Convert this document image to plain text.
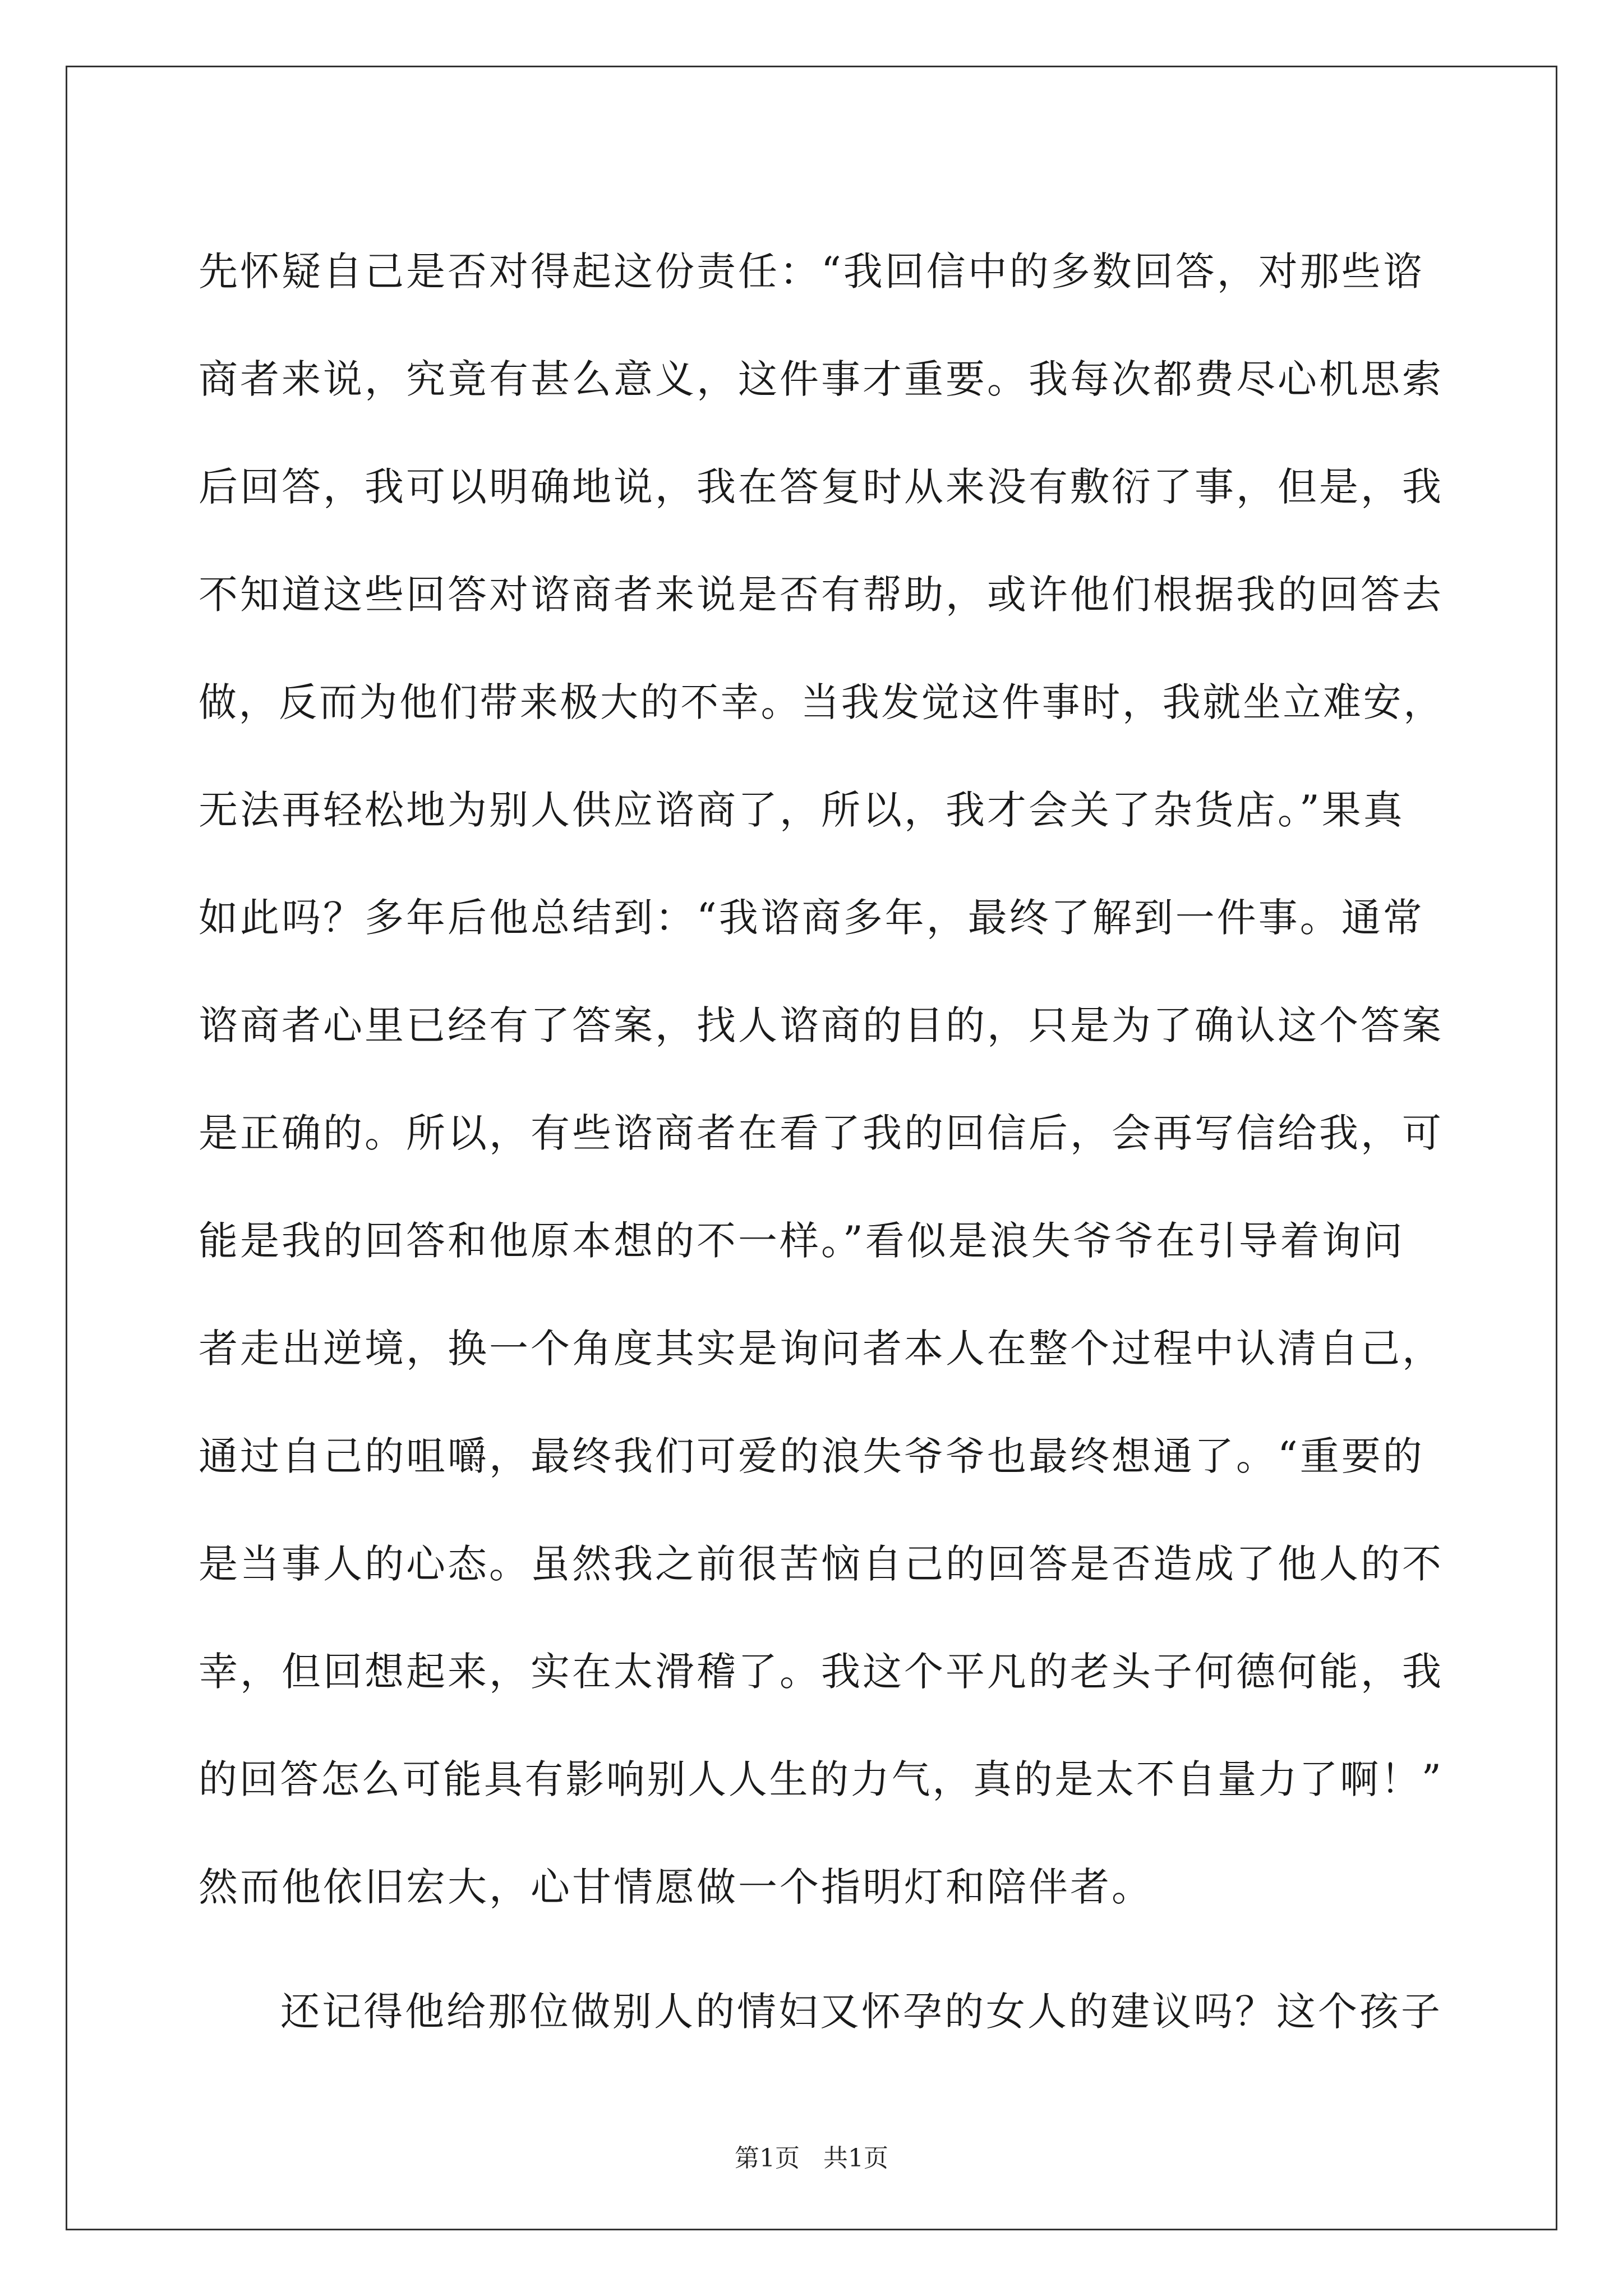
先怀疑自己是否对得起这份责任：“我回信中的多数回答，对那些谘
商者来说，究竟有甚么意义，这件事才重要。我每次都费尽心机思索
后回答，我可以明确地说，我在答复时从来没有敷衍了事，但是，我
不知道这些回答对谘商者来说是否有帮助，或许他们根据我的回答去
做，反而为他们带来极大的不幸。当我发觉这件事时，我就坐立难安，
无法再轻松地为别人供应谘商了，所以，我才会关了杂货店。”果真
如此吗？多年后他总结到：“我谘商多年，最终了解到一件事。通常
谘商者心里已经有了答案，找人谘商的目的，只是为了确认这个答案
是正确的。所以，有些谘商者在看了我的回信后，会再写信给我，可
能是我的回答和他原本想的不一样。”看似是浪失爷爷在引导着询问
者走出逆境，换一个角度其实是询问者本人在整个过程中认清自己，
通过自己的咀嚼，最终我们可爱的浪失爷爷也最终想通了。“重要的
是当事人的心态。虽然我之前很苦恼自己的回答是否造成了他人的不
幸，但回想起来，实在太滑稽了。我这个平凡的老头子何德何能，我
的回答怎么可能具有影响别人人生的力气，真的是太不自量力了啊！”
然而他依旧宏大，心甘情愿做一个指明灯和陪伴者。
还记得他给那位做别人的情妇又怀孕的女人的建议吗？这个孩子
第1页   共1页
